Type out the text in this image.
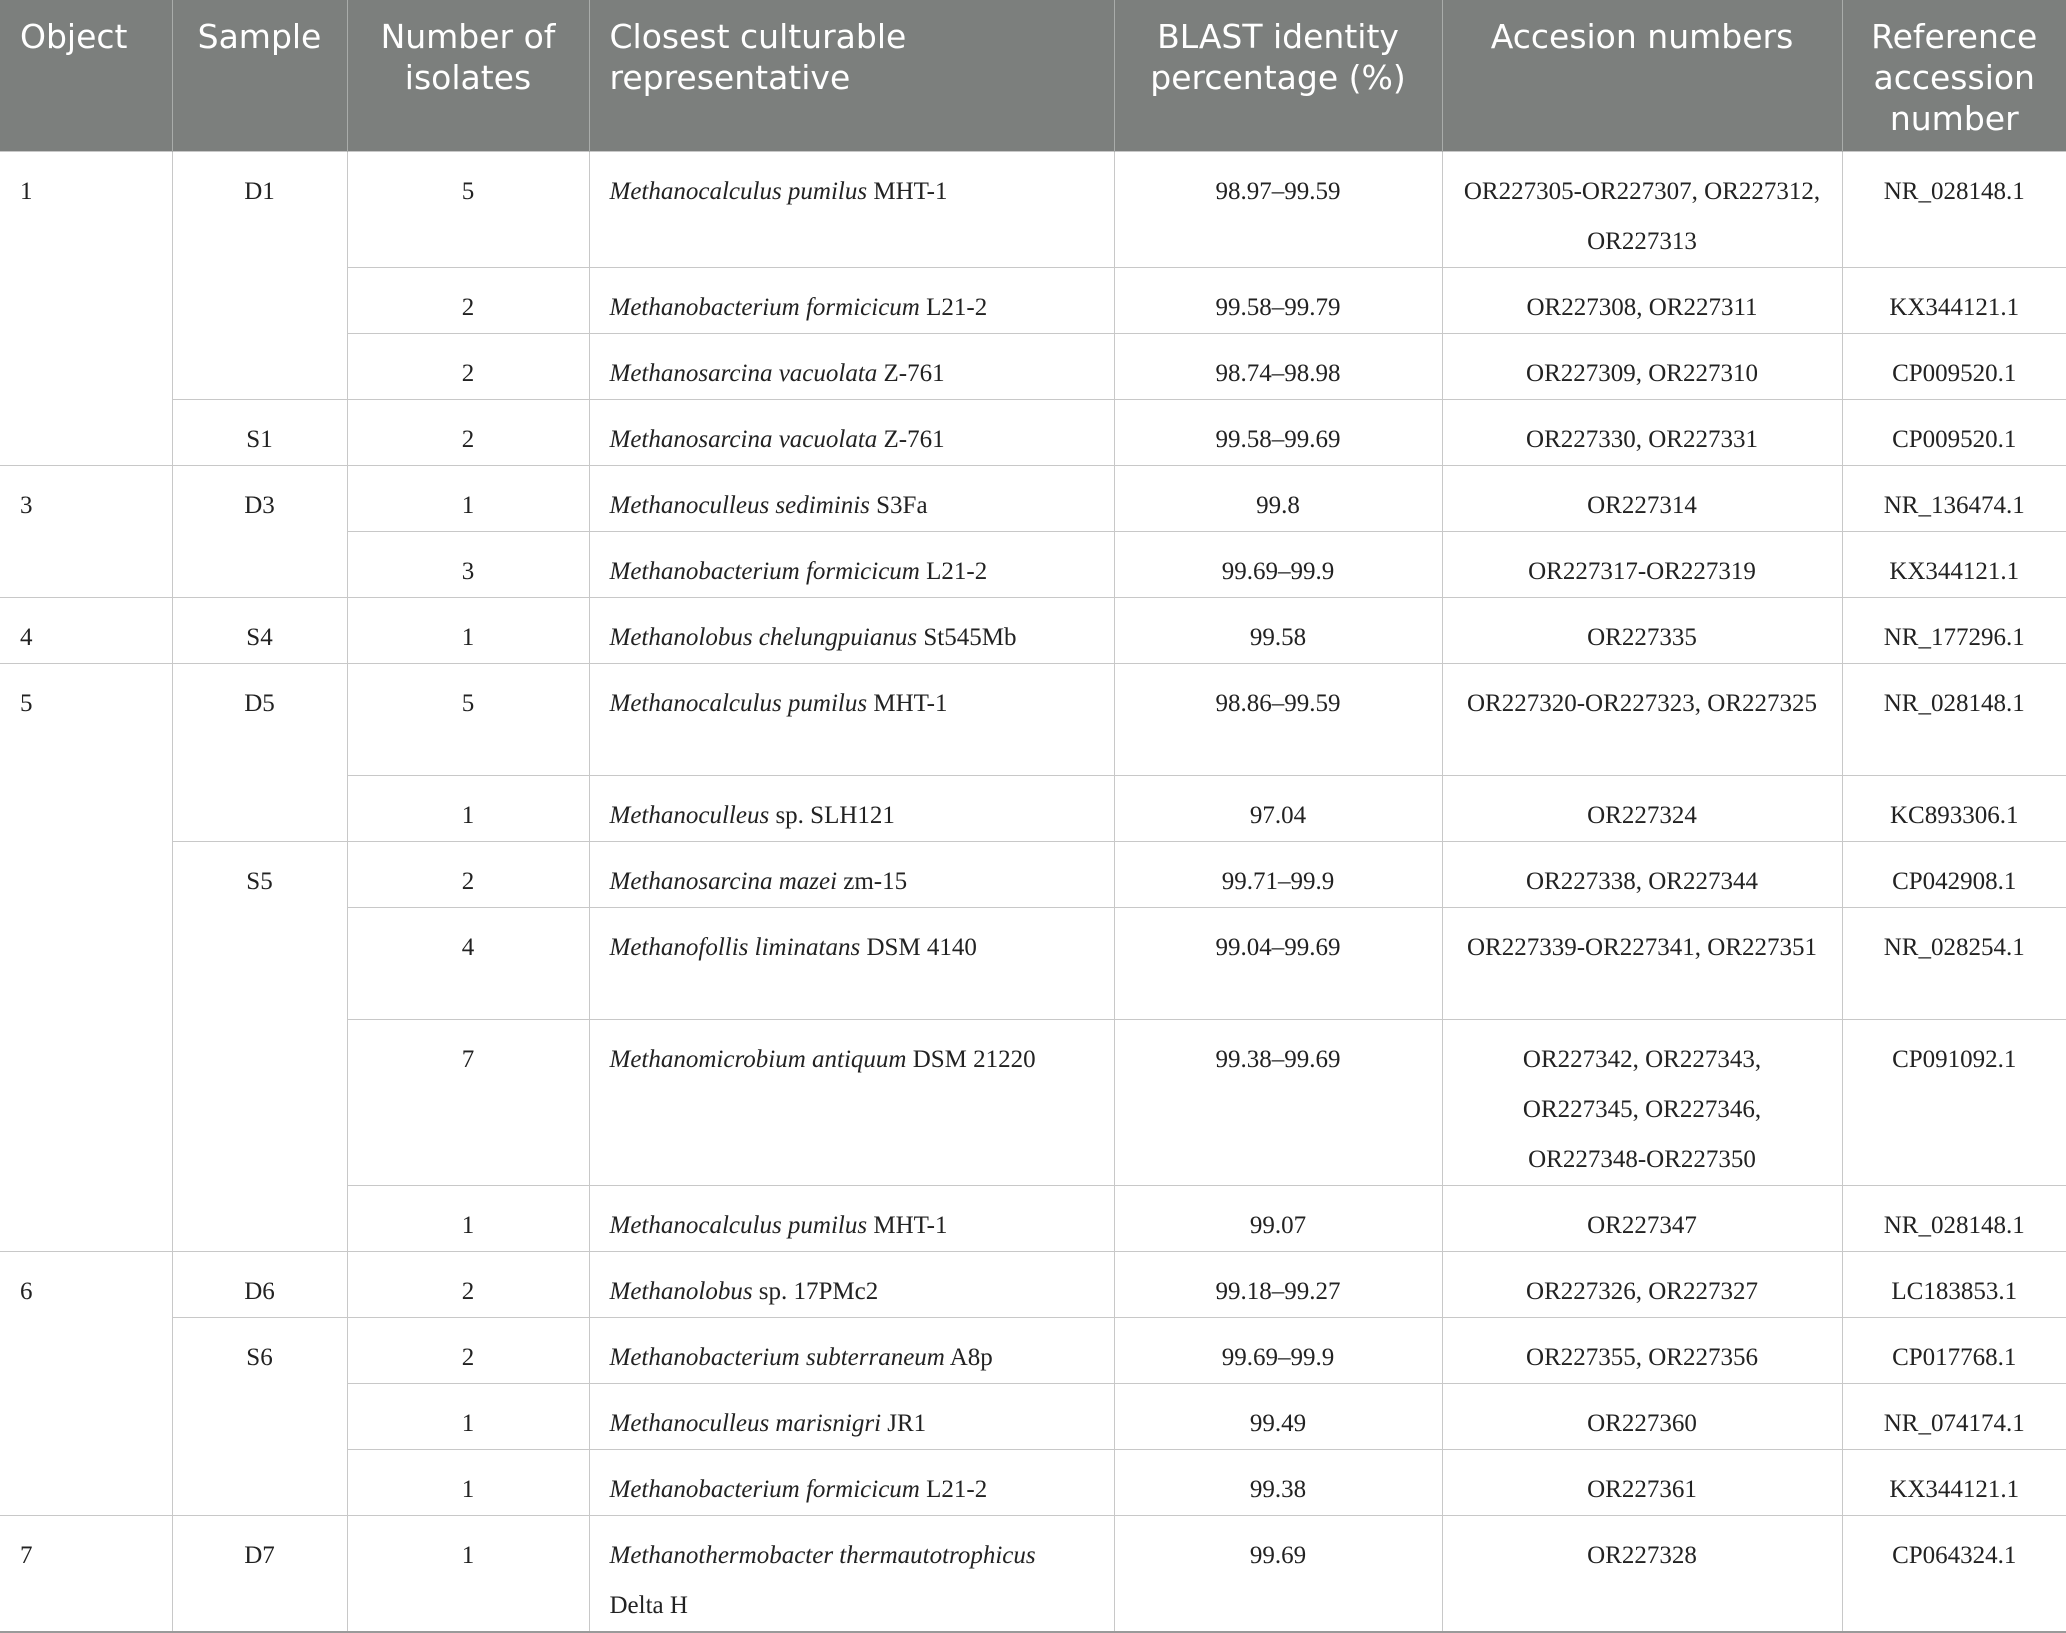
Object	Sample	Number of isolates	Closest culturable representative	BLAST identity percentage (%)	Accesion numbers	Reference accession number
1	D1	5	Methanocalculus pumilus MHT-1	98.97–99.59	OR227305-OR227307, OR227312, OR227313	NR_028148.1
		2	Methanobacterium formicicum L21-2	99.58–99.79	OR227308, OR227311	KX344121.1
		2	Methanosarcina vacuolata Z-761	98.74–98.98	OR227309, OR227310	CP009520.1
	S1	2	Methanosarcina vacuolata Z-761	99.58–99.69	OR227330, OR227331	CP009520.1
3	D3	1	Methanoculleus sediminis S3Fa	99.8	OR227314	NR_136474.1
		3	Methanobacterium formicicum L21-2	99.69–99.9	OR227317-OR227319	KX344121.1
4	S4	1	Methanolobus chelungpuianus St545Mb	99.58	OR227335	NR_177296.1
5	D5	5	Methanocalculus pumilus MHT-1	98.86–99.59	OR227320-OR227323, OR227325	NR_028148.1
		1	Methanoculleus sp. SLH121	97.04	OR227324	KC893306.1
	S5	2	Methanosarcina mazei zm-15	99.71–99.9	OR227338, OR227344	CP042908.1
		4	Methanofollis liminatans DSM 4140	99.04–99.69	OR227339-OR227341, OR227351	NR_028254.1
		7	Methanomicrobium antiquum DSM 21220	99.38–99.69	OR227342, OR227343, OR227345, OR227346, OR227348-OR227350	CP091092.1
		1	Methanocalculus pumilus MHT-1	99.07	OR227347	NR_028148.1
6	D6	2	Methanolobus sp. 17PMc2	99.18–99.27	OR227326, OR227327	LC183853.1
	S6	2	Methanobacterium subterraneum A8p	99.69–99.9	OR227355, OR227356	CP017768.1
		1	Methanoculleus marisnigri JR1	99.49	OR227360	NR_074174.1
		1	Methanobacterium formicicum L21-2	99.38	OR227361	KX344121.1
7	D7	1	Methanothermobacter thermautotrophicus Delta H	99.69	OR227328	CP064324.1
